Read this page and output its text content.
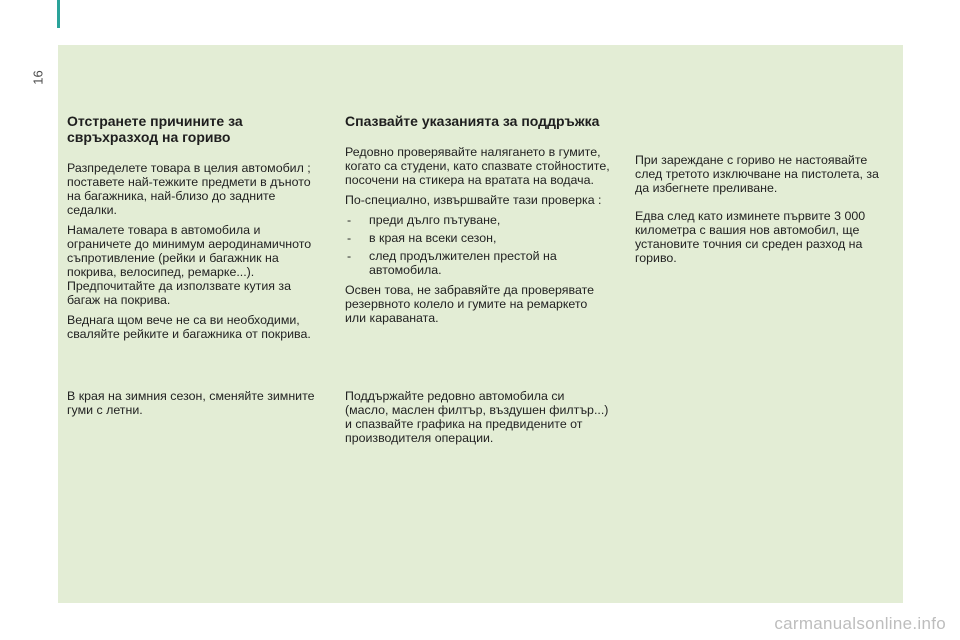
16
Отстранете причините за свръхразход на гориво

Разпределете товара в целия автомобил ; поставете най-тежките предмети в дъното на багажника, най-близо до задните седалки.

Намалете товара в автомобила и ограничете до минимум аеродинамичното съпротивление (рейки и багажник на покрива, велосипед, ремарке...). Предпочитайте да използвате кутия за багаж на покрива.

Веднага щом вече не са ви необходими, сваляйте рейките и багажника от покрива.

В края на зимния сезон, сменяйте зимните гуми с летни.

Спазвайте указанията за поддръжка

Редовно проверявайте налягането в гумите, когато са студени, като спазвате стойностите, посочени на стикера на вратата на водача.

По-специално, извършвайте тази проверка :

- преди дълго пътуване,
- в края на всеки сезон,
- след продължителен престой на автомобила.

Освен това, не забравяйте да проверявате резервното колело и гумите на ремаркето или караваната.

Поддържайте редовно автомобила си (масло, маслен филтър, въздушен филтър...) и спазвайте графика на предвидените от производителя операции.

При зареждане с гориво не настоявайте след третото изключване на пистолета, за да избегнете преливане.

Едва след като изминете първите 3 000 километра с вашия нов автомобил, ще установите точния си среден разход на гориво.

carmanualsonline.info
